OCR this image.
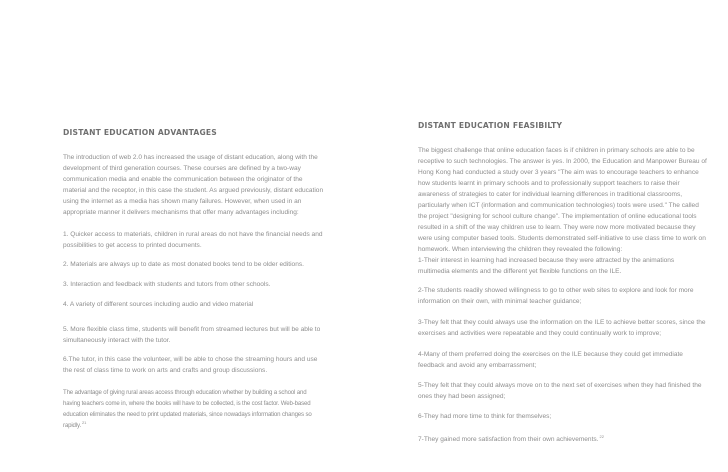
DISTANT EDUCATION ADVANTAGES

The introduction of web 2.0 has increased the usage of distant education, along with the development of third generation courses. These courses are defined by a two-way communication media and enable the communication between the originator of the material and the receptor, in this case the student. As argued previously, distant education using the internet as a media has shown many failures. However, when used in an appropriate manner it delivers mechanisms that offer many advantages including:

1. Quicker access to materials, children in rural areas do not have the financial needs and possibilities to get access to printed documents.

2. Materials are always up to date as most donated books tend to be older editions.

3. Interaction and feedback with students and tutors from other schools.

4. A variety of different sources including audio and video material

5. More flexible class time, students will benefit from streamed lectures but will be able to simultaneously interact with the tutor.

6.The tutor, in this case the volunteer, will be able to chose the streaming hours and use the rest of class time to work on arts and crafts and group discussions.

The advantage of giving rural areas access through education whether by building a school and having teachers come in, where the books will have to be collected, is the cost factor. Web-based education eliminates the need to print updated materials, since nowadays information changes so rapidly.$^{21}$

DISTANT EDUCATION FEASIBILTY

The biggest challenge that online education faces is if children in primary schools are able to be receptive to such technologies. The answer is yes. In 2000, the Education and Manpower Bureau of Hong Kong had conducted a study over 3 years "The aim was to encourage teachers to enhance how students learnt in primary schools and to professionally support teachers to raise their awareness of strategies to cater for individual learning differences in traditional classrooms, particularly when ICT (information and communication technologies) tools were used." The called the project "designing for school culture change". The implementation of online educational tools resulted in a shift of the way children use to learn. They were now more motivated because they were using computer based tools. Students demonstrated self-initiative to use class time to work on homework. When interviewing the children they revealed the following:

1-Their interest in learning had increased because they were attracted by the animations multimedia elements and the different yet flexible functions on the ILE.

2-The students readily showed willingness to go to other web sites to explore and look for more information on their own, with minimal teacher guidance;

3-They felt that they could always use the information on the ILE to achieve better scores, since the exercises and activities were repeatable and they could continually work to improve;

4-Many of them preferred doing the exercises on the ILE because they could get immediate feedback and avoid any embarrassment;

5-They felt that they could always move on to the next set of exercises when they had finished the ones they had been assigned;

6-They had more time to think for themselves;

7-They gained more satisfaction from their own achievements.$^{22}$
